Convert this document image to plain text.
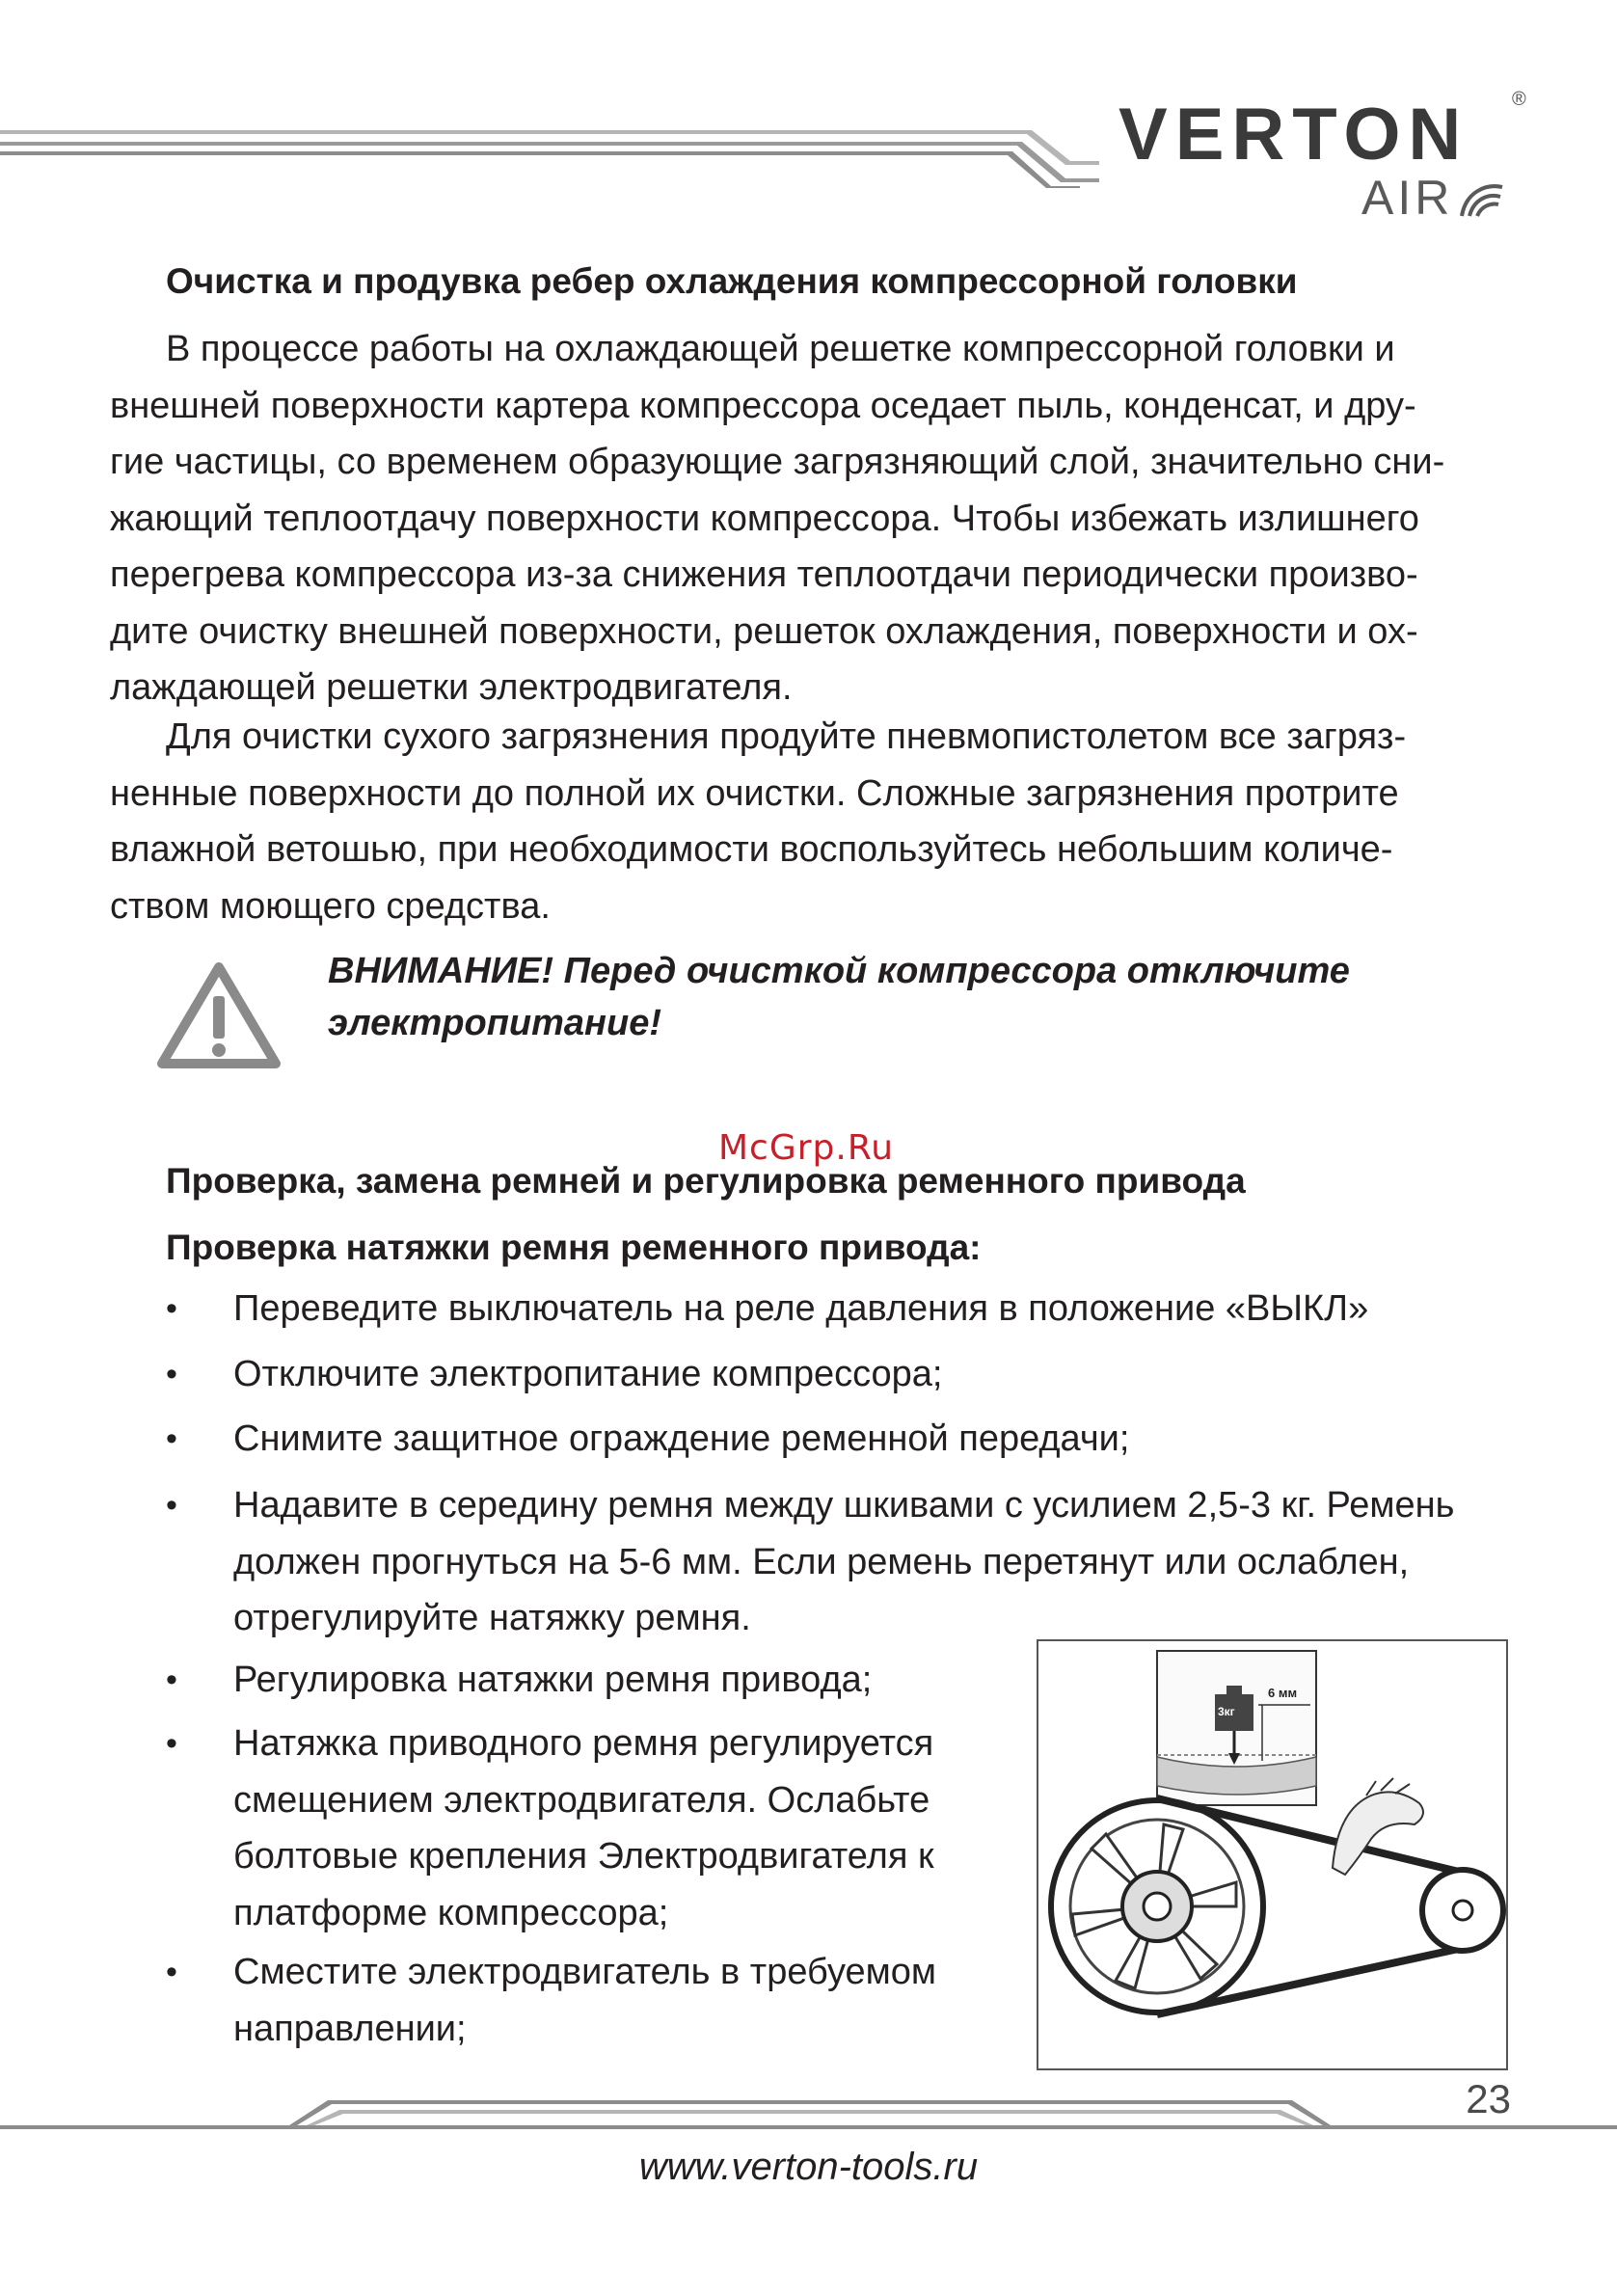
VERTON ®
AIR
Очистка и продувка ребер охлаждения компрессорной головки
В процессе работы на охлаждающей решетке компрессорной головки и
внешней поверхности картера компрессора оседает пыль, конденсат, и дру-
гие частицы, со временем образующие загрязняющий слой, значительно сни-
жающий теплоотдачу поверхности компрессора. Чтобы избежать излишнего
перегрева компрессора из-за снижения теплоотдачи периодически произво-
дите очистку внешней поверхности, решеток охлаждения, поверхности и ох-
лаждающей решетки электродвигателя.
Для очистки сухого загрязнения продуйте пневмопистолетом все загряз-
ненные поверхности до полной их очистки. Сложные загрязнения протрите
влажной ветошью, при необходимости воспользуйтесь небольшим количе-
ством моющего средства.
ВНИМАНИЕ! Перед очисткой компрессора отключите
электропитание!
McGrp.Ru
Проверка, замена ремней и регулировка ременного привода
Проверка натяжки ремня ременного привода:
• Переведите выключатель на реле давления в положение «ВЫКЛ»
• Отключите электропитание компрессора;
• Снимите защитное ограждение ременной передачи;
• Надавите в середину ремня между шкивами с усилием 2,5-3 кг. Ремень
должен прогнуться на 5-6 мм. Если ремень перетянут или ослаблен,
отрегулируйте натяжку ремня.
• Регулировка натяжки ремня привода;
• Натяжка приводного ремня регулируется
смещением электродвигателя. Ослабьте
болтовые крепления Электродвигателя к
платформе компрессора;
• Сместите электродвигатель в требуемом
направлении;
3кг
6 мм
23
www.verton-tools.ru
